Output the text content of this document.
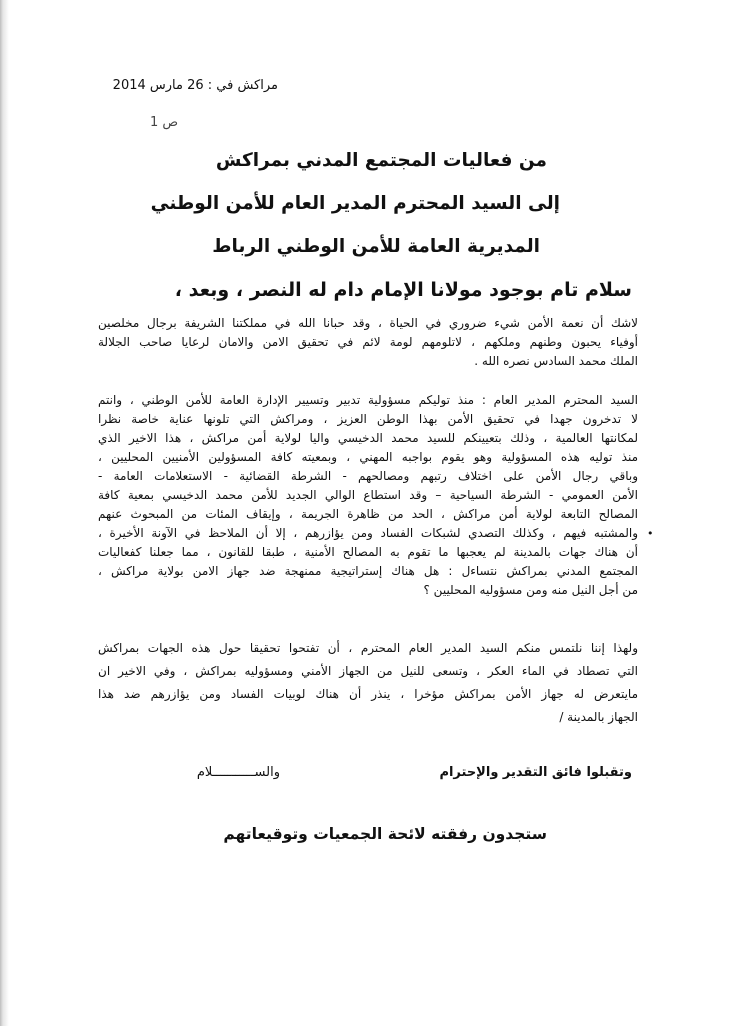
مراكش في : 26 مارس 2014
ص 1
من فعاليات المجتمع المدني بمراكش
إلى السيد المحترم المدير العام للأمن الوطني
المديرية العامة للأمن الوطني الرباط
سلام تام بوجود مولانا الإمام دام له النصر ، وبعد ،
لاشك أن نعمة الأمن شيء ضروري في الحياة ، وقد حبانا الله في مملكتنا الشريفة برجال مخلصين
أوفياء يحبون وطنهم وملكهم ، لاتلومهم لومة لائم في تحقيق الامن والامان لرعايا صاحب الجلالة
الملك محمد السادس نصره الله .
السيد المحترم المدير العام : منذ توليكم مسؤولية تدبير وتسيير الإدارة العامة للأمن الوطني ، وانتم
لا تدخرون جهدا في تحقيق الأمن بهذا الوطن العزيز ، ومراكش التي تلونها عناية خاصة نظرا
لمكانتها العالمية ، وذلك بتعيينكم للسيد محمد الدخيسي واليا لولاية أمن مراكش ، هذا الاخير الذي
منذ توليه هذه المسؤولية وهو يقوم بواجبه المهني ، وبمعيته كافة المسؤولين الأمنيين المحليين ،
وباقي رجال الأمن على اختلاف رتبهم ومصالحهم - الشرطة القضائية - الاستعلامات العامة -
الأمن العمومي - الشرطة السياحية – وقد استطاع الوالي الجديد للأمن محمد الدخيسي بمعية كافة
المصالح التابعة لولاية أمن مراكش ، الحد من ظاهرة الجريمة ، وإيقاف المئات من المبحوث عنهم
والمشتبه فيهم ، وكذلك التصدي لشبكات الفساد ومن يؤازرهم ، إلا أن الملاحظ في الآونة الأخيرة ،
أن هناك جهات بالمدينة لم يعجبها ما تقوم به المصالح الأمنية ، طبقا للقانون ، مما جعلنا كفعاليات
المجتمع المدني بمراكش نتساءل : هل هناك إستراتيجية ممنهجة ضد جهاز الامن بولاية مراكش ،
من أجل النيل منه ومن مسؤوليه المحليين ؟
•
ولهذا إننا نلتمس منكم السيد المدير العام المحترم ، أن تفتحوا تحقيقا حول هذه الجهات بمراكش
التي تصطاد في الماء العكر ، وتسعى للنيل من الجهاز الأمني ومسؤوليه بمراكش ، وفي الاخير ان
مايتعرض له جهاز الأمن بمراكش مؤخرا ، ينذر أن هناك لوبيات الفساد ومن يؤازرهم ضد هذا
الجهاز بالمدينة /
وتقبلوا فائق التقدير والإحترام
والســـــــــــلام
ستجدون رفقته لائحة الجمعيات وتوقيعاتهم
